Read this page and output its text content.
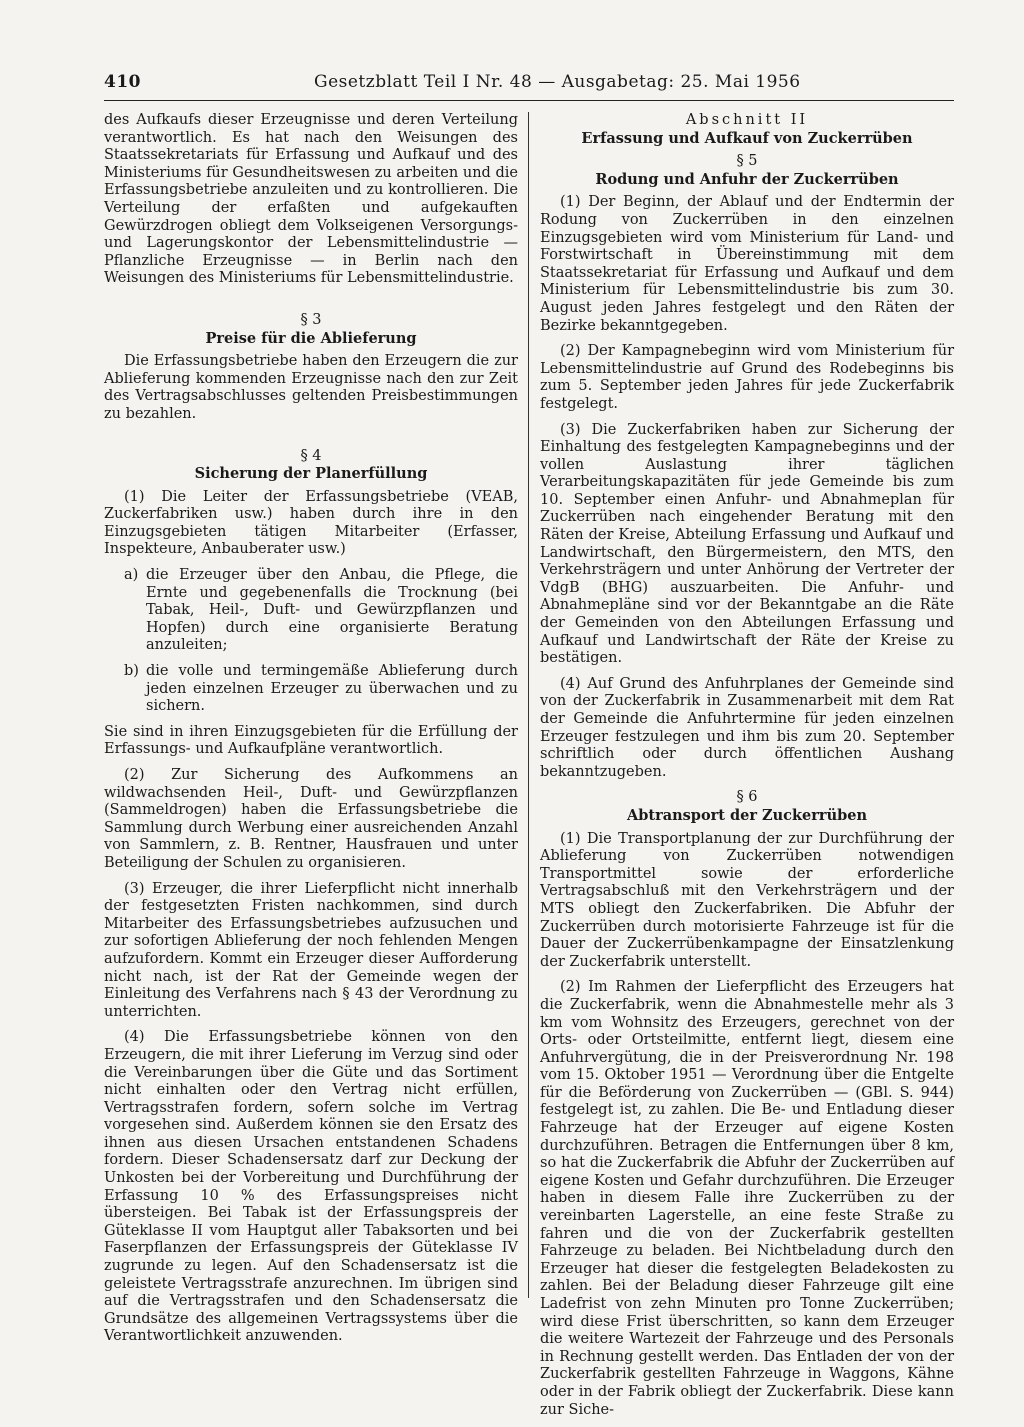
410	Gesetzblatt Teil I Nr. 48 — Ausgabetag: 25. Mai 1956

des Aufkaufs dieser Erzeugnisse und deren Verteilung verantwortlich. Es hat nach den Weisungen des Staatssekretariats für Erfassung und Aufkauf und des Ministeriums für Gesundheitswesen zu arbeiten und die Erfassungsbetriebe anzuleiten und zu kontrollieren. Die Verteilung der erfaßten und aufgekauften Gewürzdrogen obliegt dem Volkseigenen Versorgungs- und Lagerungskontor der Lebensmittelindustrie — Pflanzliche Erzeugnisse — in Berlin nach den Weisungen des Ministeriums für Lebensmittelindustrie.

§ 3
Preise für die Ablieferung

Die Erfassungsbetriebe haben den Erzeugern die zur Ablieferung kommenden Erzeugnisse nach den zur Zeit des Vertragsabschlusses geltenden Preisbestimmungen zu bezahlen.

§ 4
Sicherung der Planerfüllung

(1) Die Leiter der Erfassungsbetriebe (VEAB, Zuckerfabriken usw.) haben durch ihre in den Einzugsgebieten tätigen Mitarbeiter (Erfasser, Inspekteure, Anbauberater usw.)

a) die Erzeuger über den Anbau, die Pflege, die Ernte und gegebenenfalls die Trocknung (bei Tabak, Heil-, Duft- und Gewürzpflanzen und Hopfen) durch eine organisierte Beratung anzuleiten;
b) die volle und termingemäße Ablieferung durch jeden einzelnen Erzeuger zu überwachen und zu sichern.

Sie sind in ihren Einzugsgebieten für die Erfüllung der Erfassungs- und Aufkaufpläne verantwortlich.

(2) Zur Sicherung des Aufkommens an wildwachsenden Heil-, Duft- und Gewürzpflanzen (Sammeldrogen) haben die Erfassungsbetriebe die Sammlung durch Werbung einer ausreichenden Anzahl von Sammlern, z. B. Rentner, Hausfrauen und unter Beteiligung der Schulen zu organisieren.

(3) Erzeuger, die ihrer Lieferpflicht nicht innerhalb der festgesetzten Fristen nachkommen, sind durch Mitarbeiter des Erfassungsbetriebes aufzusuchen und zur sofortigen Ablieferung der noch fehlenden Mengen aufzufordern. Kommt ein Erzeuger dieser Aufforderung nicht nach, ist der Rat der Gemeinde wegen der Einleitung des Verfahrens nach § 43 der Verordnung zu unterrichten.

(4) Die Erfassungsbetriebe können von den Erzeugern, die mit ihrer Lieferung im Verzug sind oder die Vereinbarungen über die Güte und das Sortiment nicht einhalten oder den Vertrag nicht erfüllen, Vertragsstrafen fordern, sofern solche im Vertrag vorgesehen sind. Außerdem können sie den Ersatz des ihnen aus diesen Ursachen entstandenen Schadens fordern. Dieser Schadensersatz darf zur Deckung der Unkosten bei der Vorbereitung und Durchführung der Erfassung 10 % des Erfassungspreises nicht übersteigen. Bei Tabak ist der Erfassungspreis der Güteklasse II vom Hauptgut aller Tabaksorten und bei Faserpflanzen der Erfassungspreis der Güteklasse IV zugrunde zu legen. Auf den Schadensersatz ist die geleistete Vertragsstrafe anzurechnen. Im übrigen sind auf die Vertragsstrafen und den Schadensersatz die Grundsätze des allgemeinen Vertragssystems über die Verantwortlichkeit anzuwenden.

Abschnitt II
Erfassung und Aufkauf von Zuckerrüben
§ 5
Rodung und Anfuhr der Zuckerrüben

(1) Der Beginn, der Ablauf und der Endtermin der Rodung von Zuckerrüben in den einzelnen Einzugsgebieten wird vom Ministerium für Land- und Forstwirtschaft in Übereinstimmung mit dem Staatssekretariat für Erfassung und Aufkauf und dem Ministerium für Lebensmittelindustrie bis zum 30. August jeden Jahres festgelegt und den Räten der Bezirke bekanntgegeben.

(2) Der Kampagnebeginn wird vom Ministerium für Lebensmittelindustrie auf Grund des Rodebeginns bis zum 5. September jeden Jahres für jede Zuckerfabrik festgelegt.

(3) Die Zuckerfabriken haben zur Sicherung der Einhaltung des festgelegten Kampagnebeginns und der vollen Auslastung ihrer täglichen Verarbeitungskapazitäten für jede Gemeinde bis zum 10. September einen Anfuhr- und Abnahmeplan für Zuckerrüben nach eingehender Beratung mit den Räten der Kreise, Abteilung Erfassung und Aufkauf und Landwirtschaft, den Bürgermeistern, den MTS, den Verkehrsträgern und unter Anhörung der Vertreter der VdgB (BHG) auszuarbeiten. Die Anfuhr- und Abnahmepläne sind vor der Bekanntgabe an die Räte der Gemeinden von den Abteilungen Erfassung und Aufkauf und Landwirtschaft der Räte der Kreise zu bestätigen.

(4) Auf Grund des Anfuhrplanes der Gemeinde sind von der Zuckerfabrik in Zusammenarbeit mit dem Rat der Gemeinde die Anfuhrtermine für jeden einzelnen Erzeuger festzulegen und ihm bis zum 20. September schriftlich oder durch öffentlichen Aushang bekanntzugeben.

§ 6
Abtransport der Zuckerrüben

(1) Die Transportplanung der zur Durchführung der Ablieferung von Zuckerrüben notwendigen Transportmittel sowie der erforderliche Vertragsabschluß mit den Verkehrsträgern und der MTS obliegt den Zuckerfabriken. Die Abfuhr der Zuckerrüben durch motorisierte Fahrzeuge ist für die Dauer der Zuckerrübenkampagne der Einsatzlenkung der Zuckerfabrik unterstellt.

(2) Im Rahmen der Lieferpflicht des Erzeugers hat die Zuckerfabrik, wenn die Abnahmestelle mehr als 3 km vom Wohnsitz des Erzeugers, gerechnet von der Orts- oder Ortsteilmitte, entfernt liegt, diesem eine Anfuhrvergütung, die in der Preisverordnung Nr. 198 vom 15. Oktober 1951 — Verordnung über die Entgelte für die Beförderung von Zuckerrüben — (GBl. S. 944) festgelegt ist, zu zahlen. Die Be- und Entladung dieser Fahrzeuge hat der Erzeuger auf eigene Kosten durchzuführen. Betragen die Entfernungen über 8 km, so hat die Zuckerfabrik die Abfuhr der Zuckerrüben auf eigene Kosten und Gefahr durchzuführen. Die Erzeuger haben in diesem Falle ihre Zuckerrüben zu der vereinbarten Lagerstelle, an eine feste Straße zu fahren und die von der Zuckerfabrik gestellten Fahrzeuge zu beladen. Bei Nichtbeladung durch den Erzeuger hat dieser die festgelegten Beladekosten zu zahlen. Bei der Beladung dieser Fahrzeuge gilt eine Ladefrist von zehn Minuten pro Tonne Zuckerrüben; wird diese Frist überschritten, so kann dem Erzeuger die weitere Wartezeit der Fahrzeuge und des Personals in Rechnung gestellt werden. Das Entladen der von der Zuckerfabrik gestellten Fahrzeuge in Waggons, Kähne oder in der Fabrik obliegt der Zuckerfabrik. Diese kann zur Siche-
